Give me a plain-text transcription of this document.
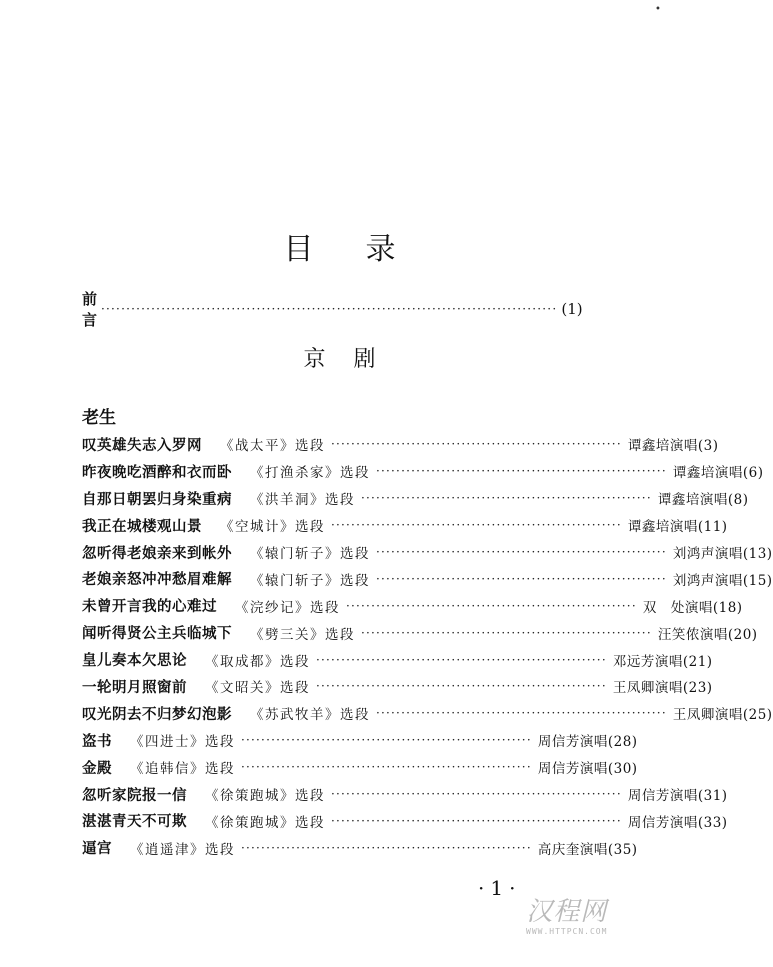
•
目录
前言
··························································································· (1)
京剧
老生
叹英雄失志入罗网 《战太平》选段 ·························································· 谭鑫培演唱(3)
昨夜晚吃酒醉和衣而卧 《打渔杀家》选段 ·························································· 谭鑫培演唱(6)
自那日朝罢归身染重病 《洪羊洞》选段 ·························································· 谭鑫培演唱(8)
我正在城楼观山景 《空城计》选段 ·························································· 谭鑫培演唱(11)
忽听得老娘亲来到帐外 《辕门斩子》选段 ·························································· 刘鸿声演唱(13)
老娘亲怒冲冲愁眉难解 《辕门斩子》选段 ·························································· 刘鸿声演唱(15)
未曾开言我的心难过 《浣纱记》选段 ·························································· 双　处演唱(18)
闻听得贤公主兵临城下 《劈三关》选段 ·························································· 汪笑侬演唱(20)
皇儿奏本欠思论 《取成都》选段 ·························································· 邓远芳演唱(21)
一轮明月照窗前 《文昭关》选段 ·························································· 王凤卿演唱(23)
叹光阴去不归梦幻泡影 《苏武牧羊》选段 ·························································· 王凤卿演唱(25)
盗书 《四进士》选段 ·························································· 周信芳演唱(28)
金殿 《追韩信》选段 ·························································· 周信芳演唱(30)
忽听家院报一信 《徐策跑城》选段 ·························································· 周信芳演唱(31)
湛湛青天不可欺 《徐策跑城》选段 ·························································· 周信芳演唱(33)
逼宫 《逍遥津》选段 ·························································· 高庆奎演唱(35)
·1·
汉程网
WWW.HTTPCN.COM
